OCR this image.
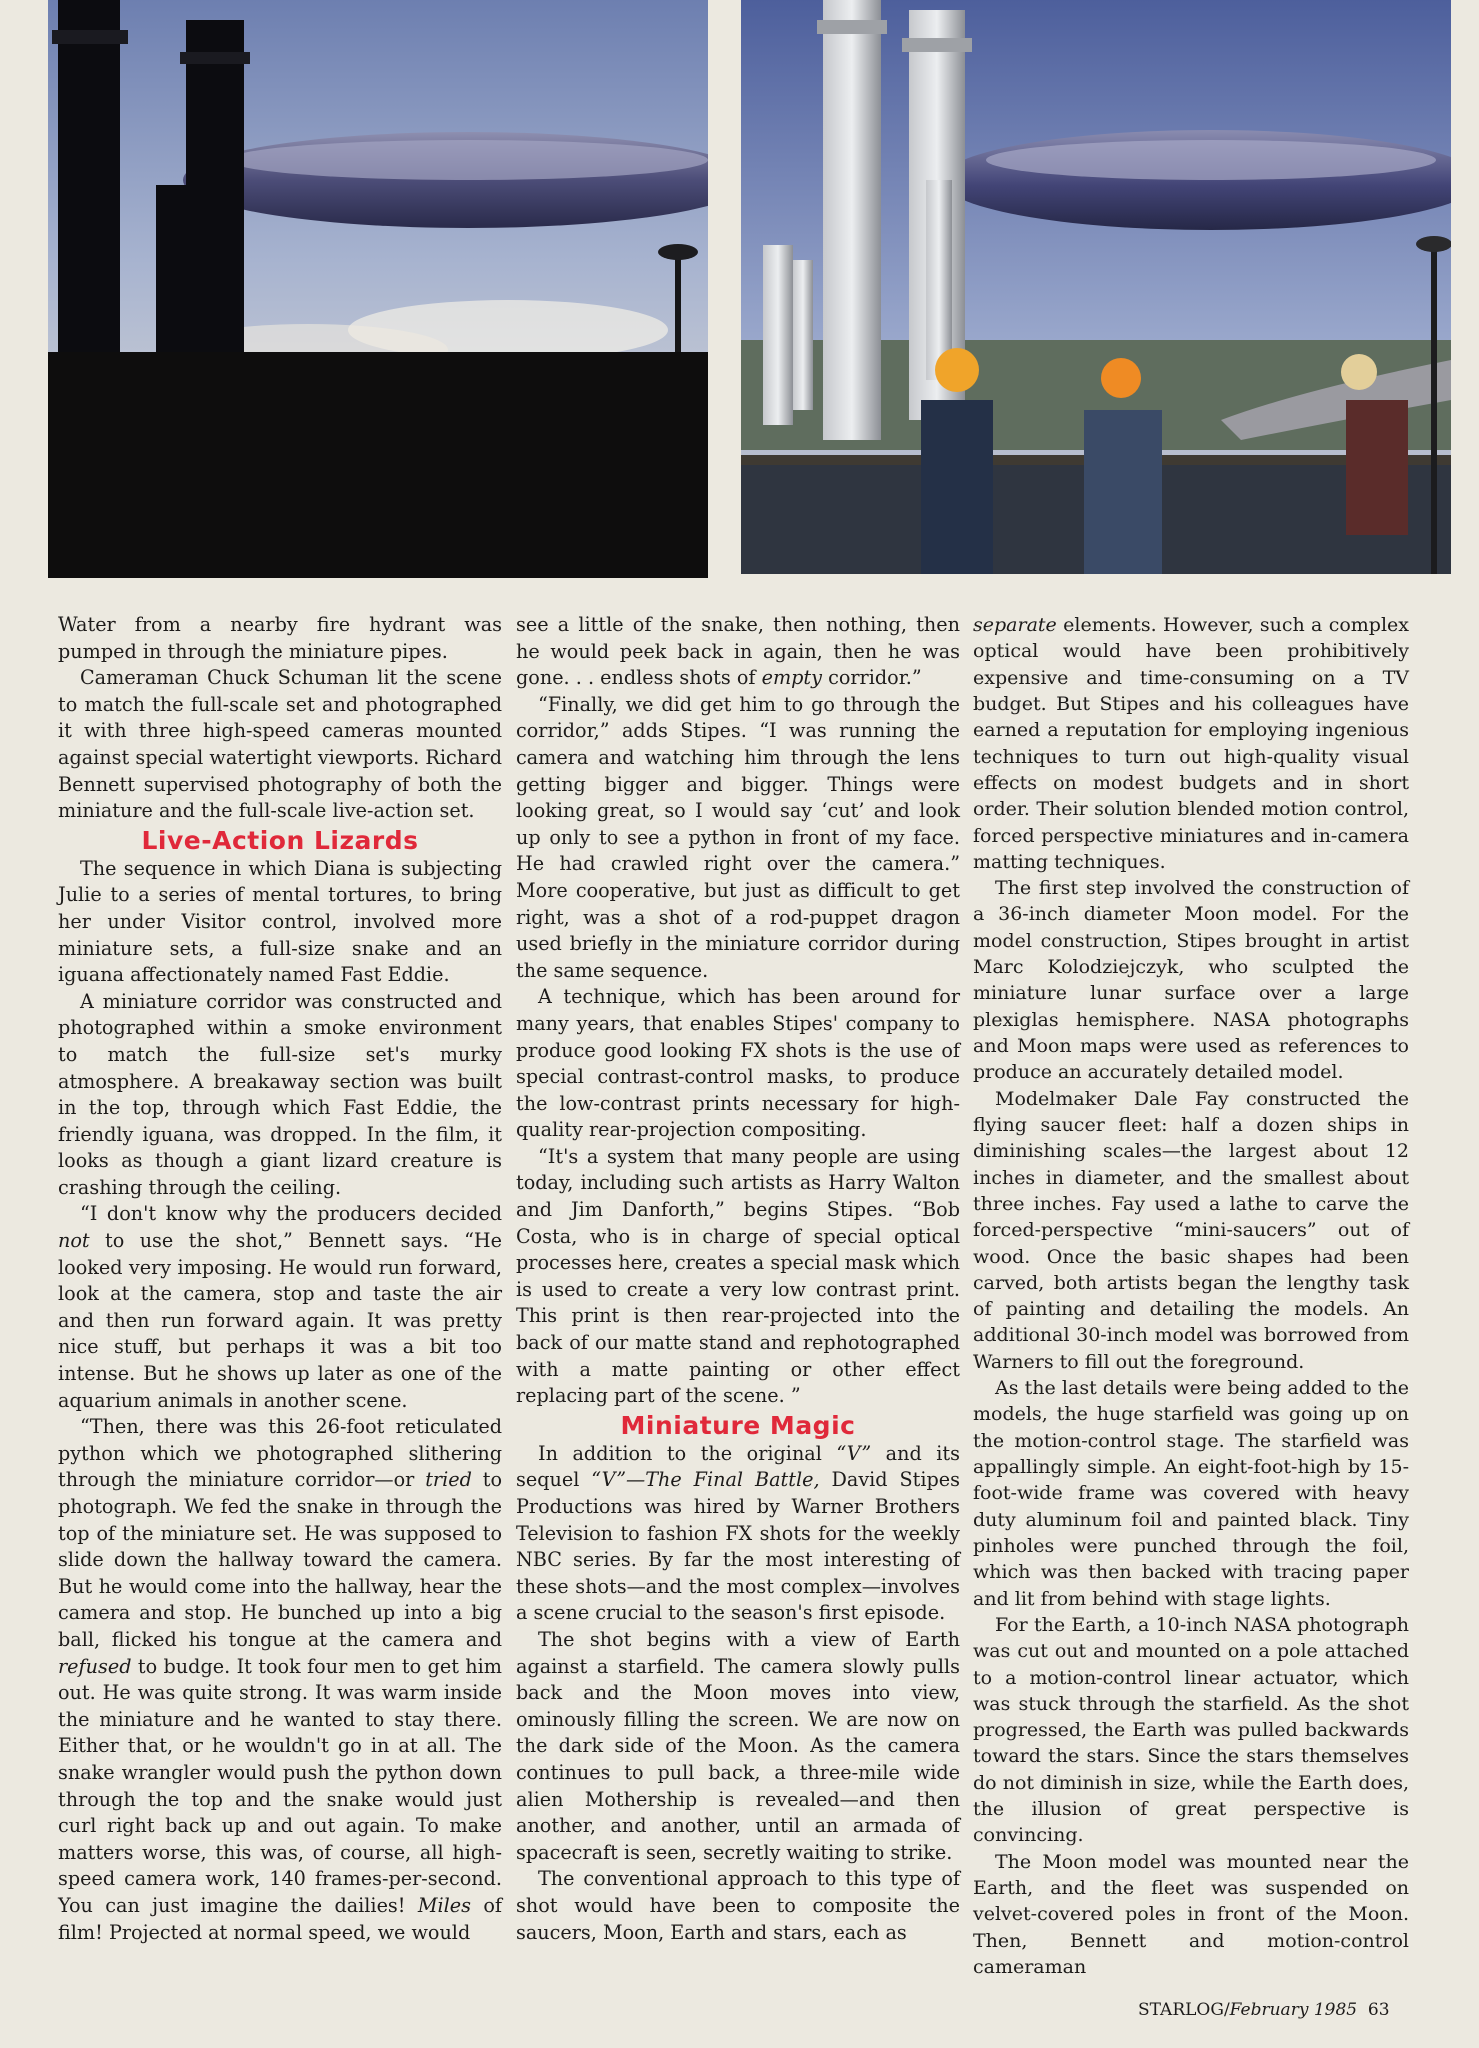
Water from a nearby fire hydrant was pumped in through the miniature pipes.

Cameraman Chuck Schuman lit the scene to match the full-scale set and photographed it with three high-speed cameras mounted against special watertight viewports. Richard Bennett supervised photography of both the miniature and the full-scale live-action set.

Live-Action Lizards

The sequence in which Diana is subjecting Julie to a series of mental tortures, to bring her under Visitor control, involved more miniature sets, a full-size snake and an iguana affectionately named Fast Eddie.

A miniature corridor was constructed and photographed within a smoke environment to match the full-size set's murky atmosphere. A breakaway section was built in the top, through which Fast Eddie, the friendly iguana, was dropped. In the film, it looks as though a giant lizard creature is crashing through the ceiling.

“I don't know why the producers decided not to use the shot,” Bennett says. “He looked very imposing. He would run forward, look at the camera, stop and taste the air and then run forward again. It was pretty nice stuff, but perhaps it was a bit too intense. But he shows up later as one of the aquarium animals in another scene.

“Then, there was this 26-foot reticulated python which we photographed slithering through the miniature corridor—or tried to photograph. We fed the snake in through the top of the miniature set. He was supposed to slide down the hallway toward the camera. But he would come into the hallway, hear the camera and stop. He bunched up into a big ball, flicked his tongue at the camera and refused to budge. It took four men to get him out. He was quite strong. It was warm inside the miniature and he wanted to stay there. Either that, or he wouldn't go in at all. The snake wrangler would push the python down through the top and the snake would just curl right back up and out again. To make matters worse, this was, of course, all high-speed camera work, 140 frames-per-second. You can just imagine the dailies! Miles of film! Projected at normal speed, we would

see a little of the snake, then nothing, then he would peek back in again, then he was gone. . . endless shots of empty corridor.”

“Finally, we did get him to go through the corridor,” adds Stipes. “I was running the camera and watching him through the lens getting bigger and bigger. Things were looking great, so I would say ‘cut’ and look up only to see a python in front of my face. He had crawled right over the camera.” More cooperative, but just as difficult to get right, was a shot of a rod-puppet dragon used briefly in the miniature corridor during the same sequence.

A technique, which has been around for many years, that enables Stipes' company to produce good looking FX shots is the use of special contrast-control masks, to produce the low-contrast prints necessary for high-quality rear-projection compositing.

“It's a system that many people are using today, including such artists as Harry Walton and Jim Danforth,” begins Stipes. “Bob Costa, who is in charge of special optical processes here, creates a special mask which is used to create a very low contrast print. This print is then rear-projected into the back of our matte stand and rephotographed with a matte painting or other effect replacing part of the scene. ”

Miniature Magic

In addition to the original “V” and its sequel “V”—The Final Battle, David Stipes Productions was hired by Warner Brothers Television to fashion FX shots for the weekly NBC series. By far the most interesting of these shots—and the most complex—involves a scene crucial to the season's first episode.

The shot begins with a view of Earth against a starfield. The camera slowly pulls back and the Moon moves into view, ominously filling the screen. We are now on the dark side of the Moon. As the camera continues to pull back, a three-mile wide alien Mothership is revealed—and then another, and another, until an armada of spacecraft is seen, secretly waiting to strike.

The conventional approach to this type of shot would have been to composite the saucers, Moon, Earth and stars, each as

separate elements. However, such a complex optical would have been prohibitively expensive and time-consuming on a TV budget. But Stipes and his colleagues have earned a reputation for employing ingenious techniques to turn out high-quality visual effects on modest budgets and in short order. Their solution blended motion control, forced perspective miniatures and in-camera matting techniques.

The first step involved the construction of a 36-inch diameter Moon model. For the model construction, Stipes brought in artist Marc Kolodziejczyk, who sculpted the miniature lunar surface over a large plexiglas hemisphere. NASA photographs and Moon maps were used as references to produce an accurately detailed model.

Modelmaker Dale Fay constructed the flying saucer fleet: half a dozen ships in diminishing scales—the largest about 12 inches in diameter, and the smallest about three inches. Fay used a lathe to carve the forced-perspective “mini-saucers” out of wood. Once the basic shapes had been carved, both artists began the lengthy task of painting and detailing the models. An additional 30-inch model was borrowed from Warners to fill out the foreground.

As the last details were being added to the models, the huge starfield was going up on the motion-control stage. The starfield was appallingly simple. An eight-foot-high by 15-foot-wide frame was covered with heavy duty aluminum foil and painted black. Tiny pinholes were punched through the foil, which was then backed with tracing paper and lit from behind with stage lights.

For the Earth, a 10-inch NASA photograph was cut out and mounted on a pole attached to a motion-control linear actuator, which was stuck through the starfield. As the shot progressed, the Earth was pulled backwards toward the stars. Since the stars themselves do not diminish in size, while the Earth does, the illusion of great perspective is convincing.

The Moon model was mounted near the Earth, and the fleet was suspended on velvet-covered poles in front of the Moon. Then, Bennett and motion-control cameraman

STARLOG/February 1985 63
